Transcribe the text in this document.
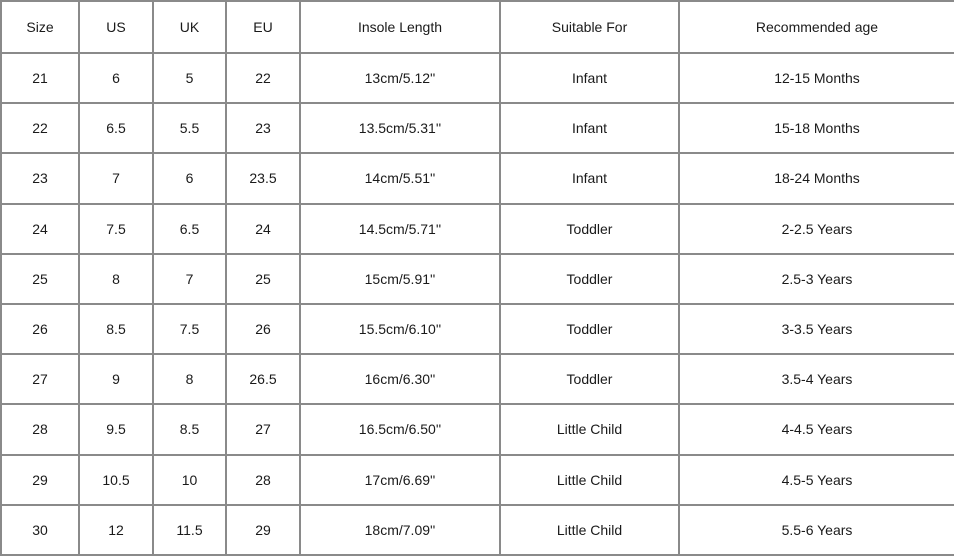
Size	US	UK	EU	Insole Length	Suitable For	Recommended age
21	6	5	22	13cm/5.12''	Infant	12-15 Months
22	6.5	5.5	23	13.5cm/5.31''	Infant	15-18 Months
23	7	6	23.5	14cm/5.51''	Infant	18-24 Months
24	7.5	6.5	24	14.5cm/5.71''	Toddler	2-2.5 Years
25	8	7	25	15cm/5.91''	Toddler	2.5-3 Years
26	8.5	7.5	26	15.5cm/6.10''	Toddler	3-3.5 Years
27	9	8	26.5	16cm/6.30''	Toddler	3.5-4 Years
28	9.5	8.5	27	16.5cm/6.50''	Little Child	4-4.5 Years
29	10.5	10	28	17cm/6.69''	Little Child	4.5-5 Years
30	12	11.5	29	18cm/7.09''	Little Child	5.5-6 Years
